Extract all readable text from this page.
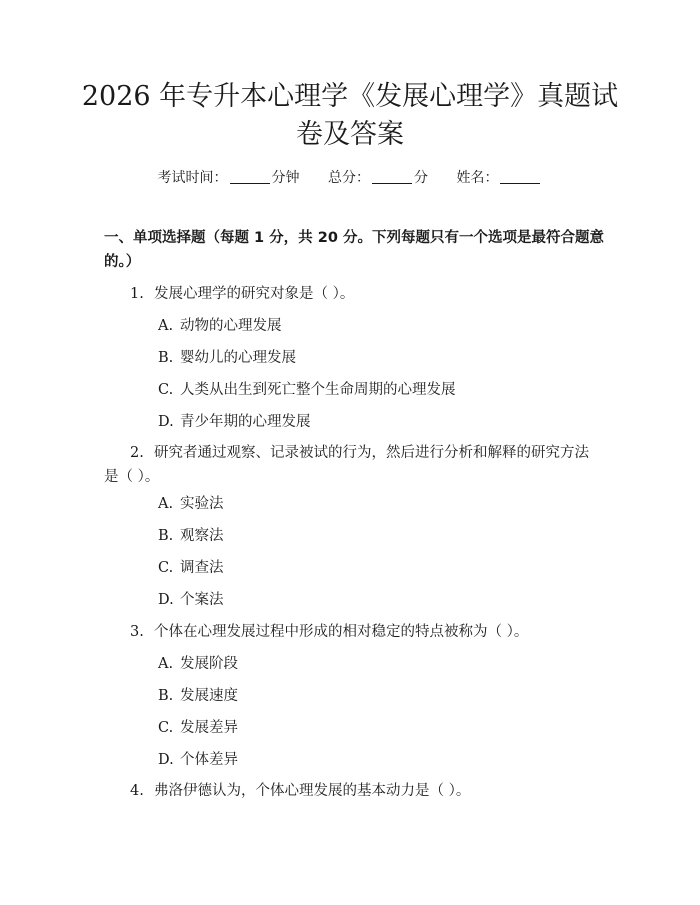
2026 年专升本心理学《发展心理学》真题试卷及答案
考试时间：	分钟 总分：	分 姓名：

一、单项选择题（每题 1 分，共 20 分。下列每题只有一个选项是最符合题意的。）

1. 发展心理学的研究对象是（ ）。

A. 动物的心理发展

B. 婴幼儿的心理发展

C. 人类从出生到死亡整个生命周期的心理发展

D. 青少年期的心理发展

2. 研究者通过观察、记录被试的行为，然后进行分析和解释的研究方法是（ ）。

A. 实验法

B. 观察法

C. 调查法

D. 个案法

3. 个体在心理发展过程中形成的相对稳定的特点被称为（ ）。

A. 发展阶段

B. 发展速度

C. 发展差异

D. 个体差异

4. 弗洛伊德认为，个体心理发展的基本动力是（ ）。
